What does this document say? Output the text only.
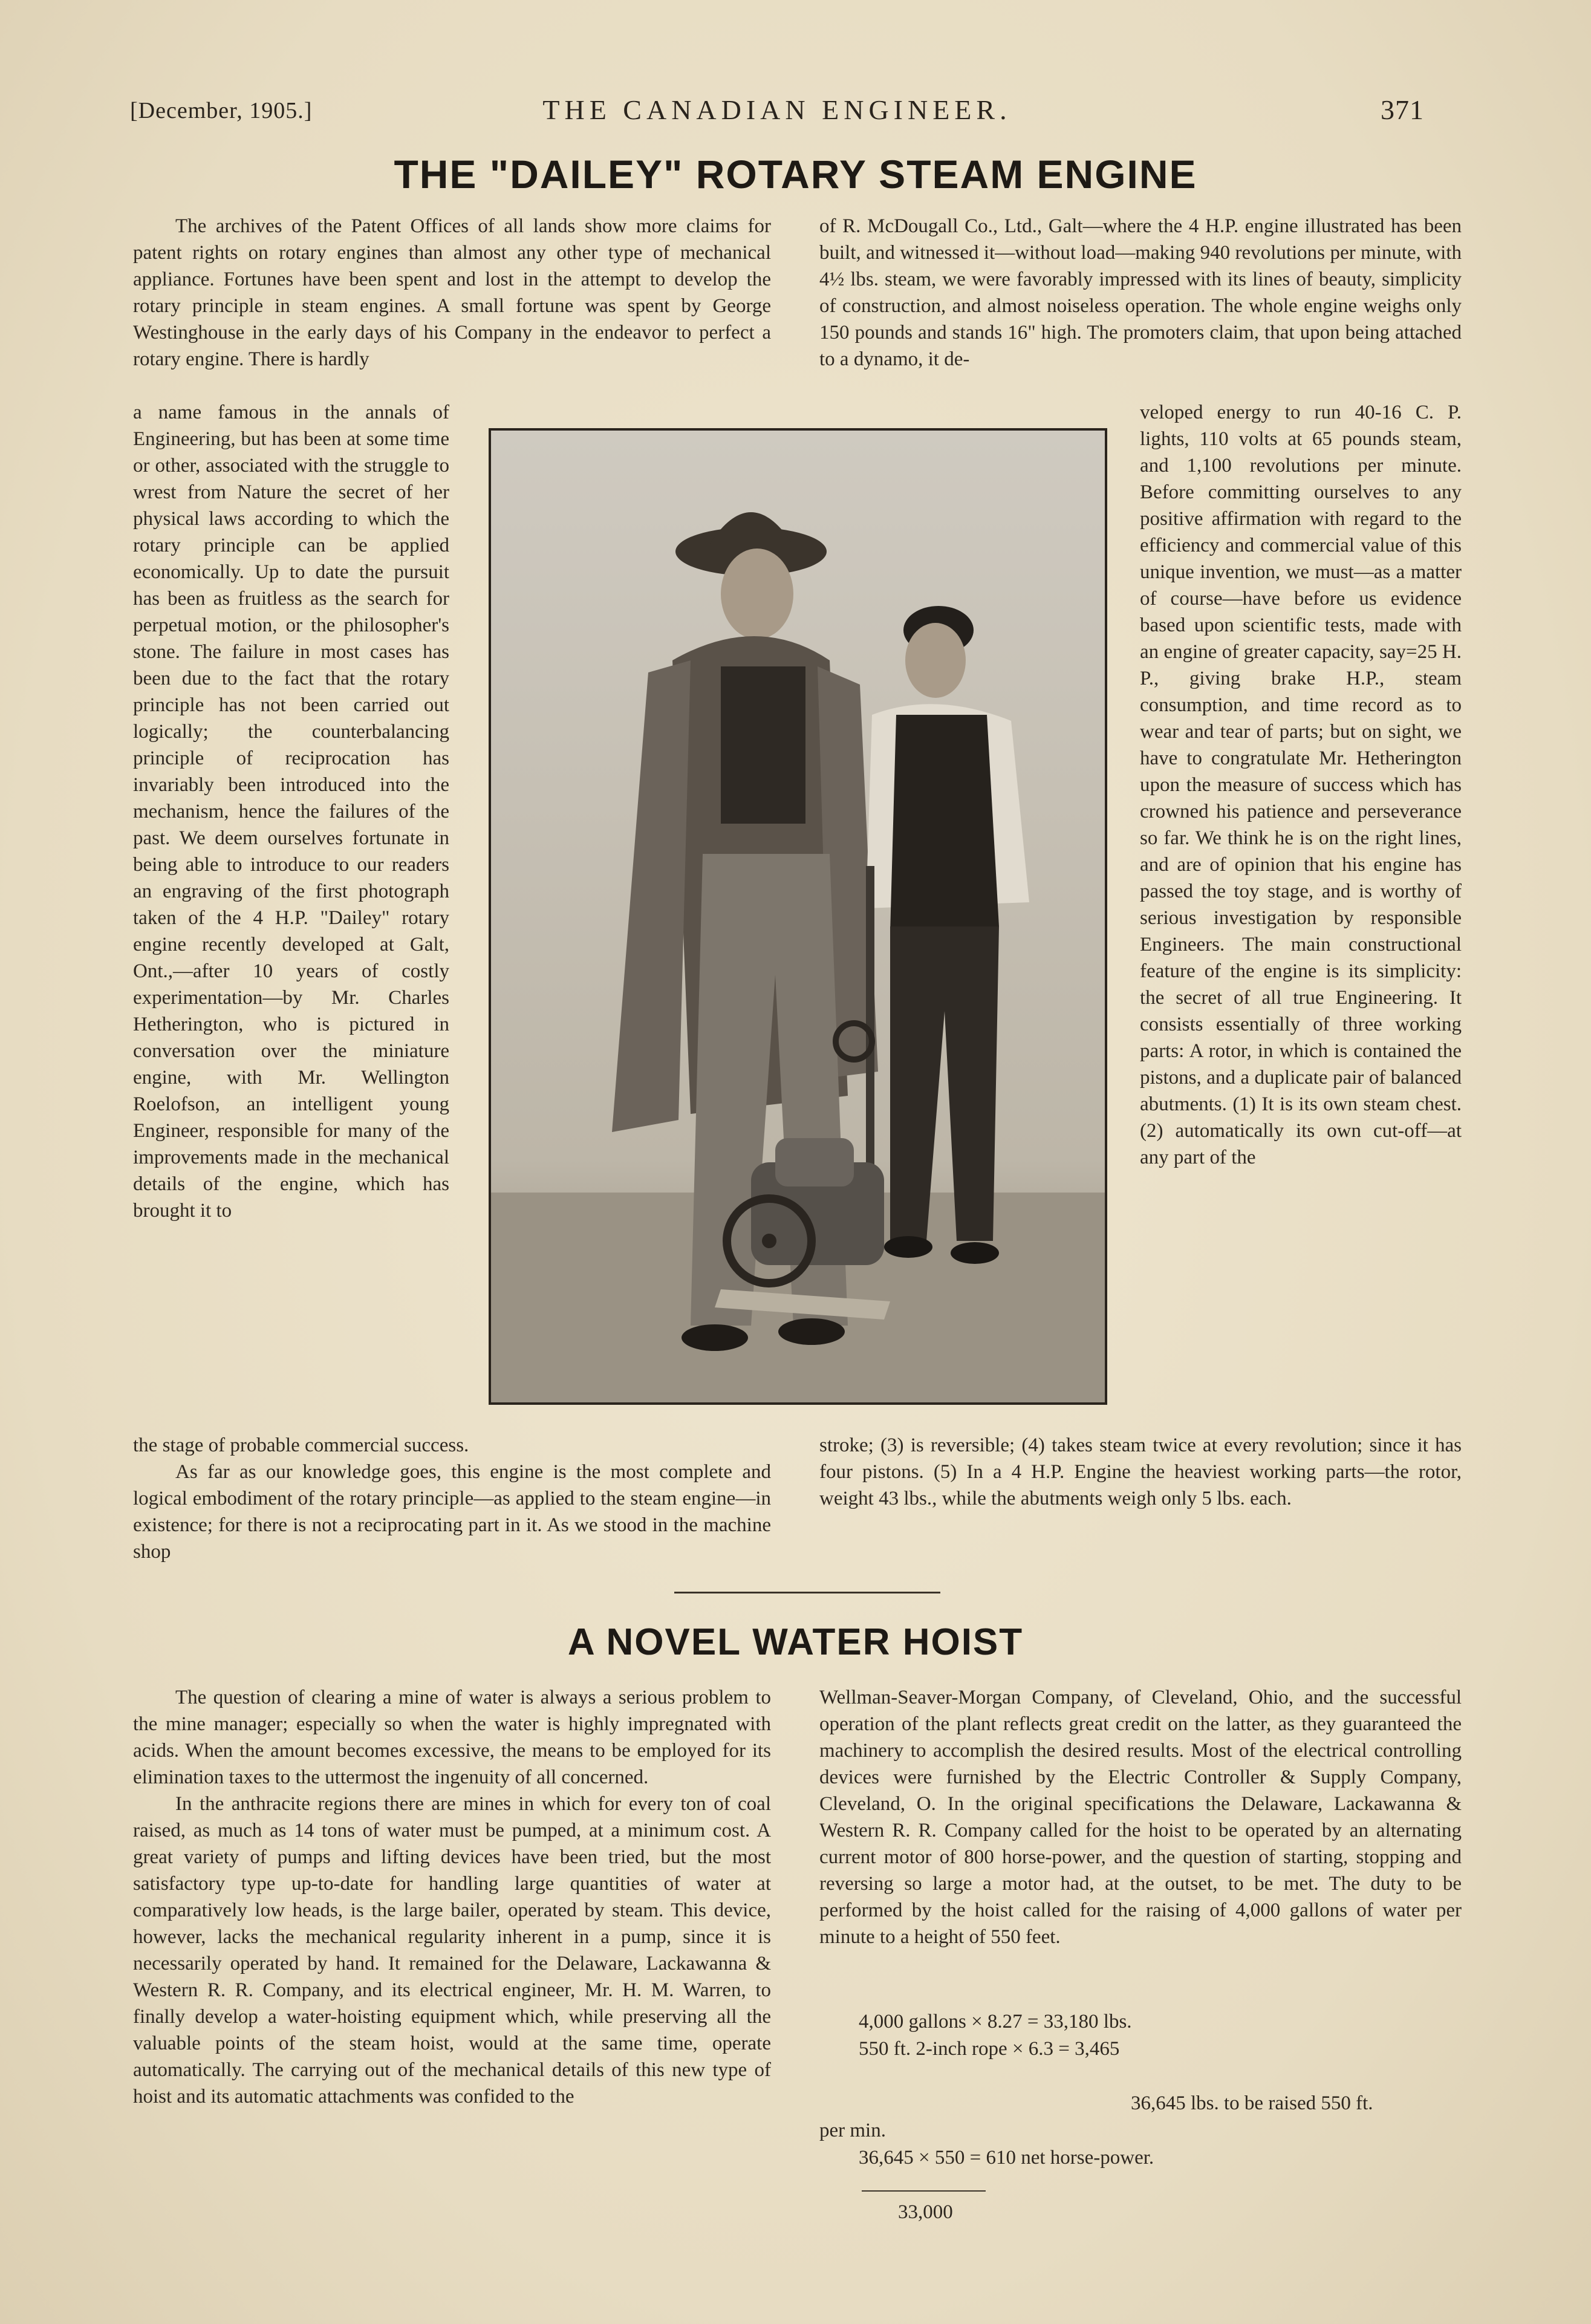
[December, 1905.]	THE CANADIAN ENGINEER.	371
THE "DAILEY" ROTARY STEAM ENGINE

The archives of the Patent Offices of all lands show more claims for patent rights on rotary engines than almost any other type of mechanical appliance. Fortunes have been spent and lost in the attempt to develop the rotary principle in steam engines. A small fortune was spent by George Westinghouse in the early days of his Company in the endeavor to perfect a rotary engine. There is hardly

a name famous in the annals of Engineering, but has been at some time or other, associated with the struggle to wrest from Nature the secret of her physical laws according to which the rotary principle can be applied economically. Up to date the pursuit has been as fruitless as the search for perpetual motion, or the philosopher's stone. The failure in most cases has been due to the fact that the rotary principle has not been carried out logically; the counterbalancing principle of reciprocation has invariably been introduced into the mechanism, hence the failures of the past. We deem ourselves fortunate in being able to introduce to our readers an engraving of the first photograph taken of the 4 H.P. "Dailey" rotary engine recently developed at Galt, Ont.,—after 10 years of costly experimentation—by Mr. Charles Hetherington, who is pictured in conversation over the miniature engine, with Mr. Wellington Roelofson, an intelligent young Engineer, responsible for many of the improvements made in the mechanical details of the engine, which has brought it to

the stage of probable commercial success.

As far as our knowledge goes, this engine is the most complete and logical embodiment of the rotary principle—as applied to the steam engine—in existence; for there is not a reciprocating part in it. As we stood in the machine shop

of R. McDougall Co., Ltd., Galt—where the 4 H.P. engine illustrated has been built, and witnessed it—without load—making 940 revolutions per minute, with 4½ lbs. steam, we were favorably impressed with its lines of beauty, simplicity of construction, and almost noiseless operation. The whole engine weighs only 150 pounds and stands 16" high. The promoters claim, that upon being attached to a dynamo, it de-

veloped energy to run 40-16 C. P. lights, 110 volts at 65 pounds steam, and 1,100 revolutions per minute. Before committing ourselves to any positive affirmation with regard to the efficiency and commercial value of this unique invention, we must—as a matter of course—have before us evidence based upon scientific tests, made with an engine of greater capacity, say=25 H. P., giving brake H.P., steam consumption, and time record as to wear and tear of parts; but on sight, we have to congratulate Mr. Hetherington upon the measure of success which has crowned his patience and perseverance so far. We think he is on the right lines, and are of opinion that his engine has passed the toy stage, and is worthy of serious investigation by responsible Engineers. The main constructional feature of the engine is its simplicity: the secret of all true Engineering. It consists essentially of three working parts: A rotor, in which is contained the pistons, and a duplicate pair of balanced abutments. (1) It is its own steam chest. (2) automatically its own cut-off—at any part of the

stroke; (3) is reversible; (4) takes steam twice at every revolution; since it has four pistons. (5) In a 4 H.P. Engine the heaviest working parts—the rotor, weight 43 lbs., while the abutments weigh only 5 lbs. each.

A NOVEL WATER HOIST

The question of clearing a mine of water is always a serious problem to the mine manager; especially so when the water is highly impregnated with acids. When the amount becomes excessive, the means to be employed for its elimination taxes to the uttermost the ingenuity of all concerned.

In the anthracite regions there are mines in which for every ton of coal raised, as much as 14 tons of water must be pumped, at a minimum cost. A great variety of pumps and lifting devices have been tried, but the most satisfactory type up-to-date for handling large quantities of water at comparatively low heads, is the large bailer, operated by steam. This device, however, lacks the mechanical regularity inherent in a pump, since it is necessarily operated by hand. It remained for the Delaware, Lackawanna & Western R. R. Company, and its electrical engineer, Mr. H. M. Warren, to finally develop a water-hoisting equipment which, while preserving all the valuable points of the steam hoist, would at the same time, operate automatically. The carrying out of the mechanical details of this new type of hoist and its automatic attachments was confided to the

Wellman-Seaver-Morgan Company, of Cleveland, Ohio, and the successful operation of the plant reflects great credit on the latter, as they guaranteed the machinery to accomplish the desired results. Most of the electrical controlling devices were furnished by the Electric Controller & Supply Company, Cleveland, O. In the original specifications the Delaware, Lackawanna & Western R. R. Company called for the hoist to be operated by an alternating current motor of 800 horse-power, and the question of starting, stopping and reversing so large a motor had, at the outset, to be met. The duty to be performed by the hoist called for the raising of 4,000 gallons of water per minute to a height of 550 feet.

4,000 gallons × 8.27 = 33,180 lbs.
550 ft. 2-inch rope × 6.3 = 3,465
36,645 lbs. to be raised 550 ft.
per min.
36,645 × 550 = 610 net horse-power.
33,000
